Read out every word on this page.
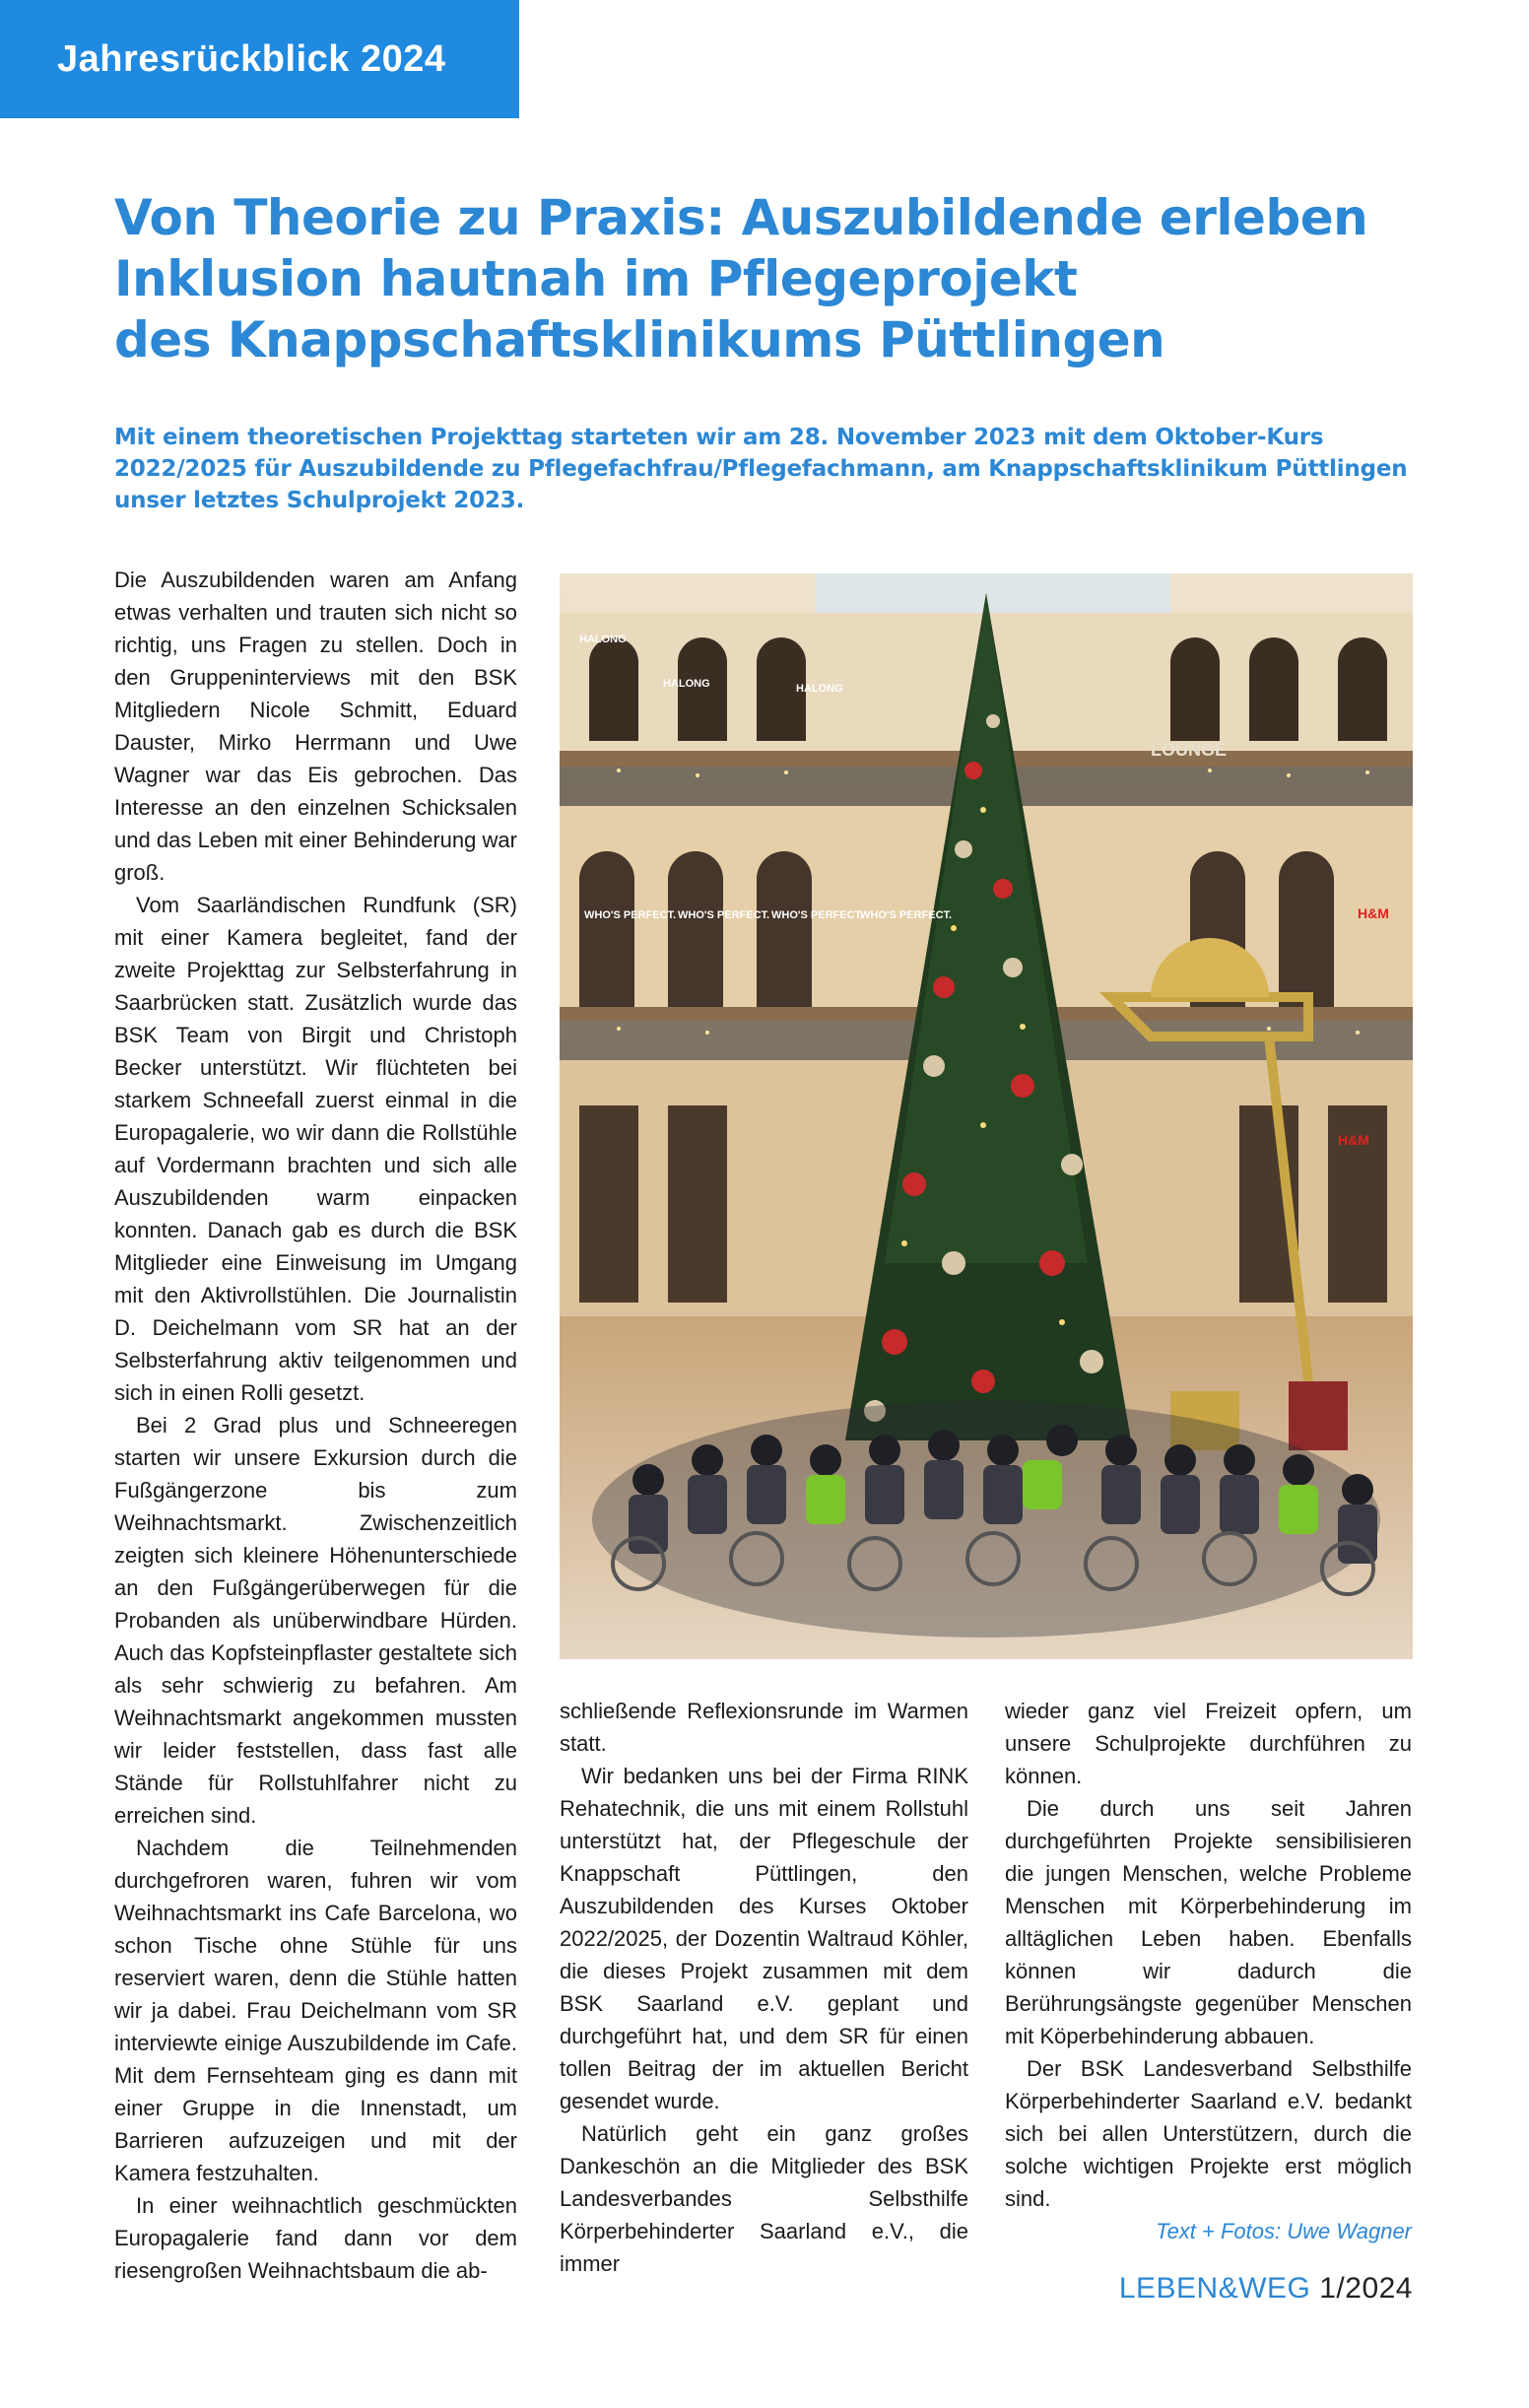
Jahresrückblick 2024
Von Theorie zu Praxis: Auszubildende erleben
Inklusion hautnah im Pflegeprojekt
des Knappschaftsklinikums Püttlingen

Mit einem theoretischen Projekttag starteten wir am 28. November 2023 mit dem Oktober-Kurs 2022/2025 für Auszubildende zu Pflegefachfrau/Pflegefachmann, am Knappschaftsklinikum Püttlingen unser letztes Schulprojekt 2023.

Die Auszubildenden waren am Anfang etwas verhalten und trauten sich nicht so richtig, uns Fragen zu stellen. Doch in den Gruppeninterviews mit den BSK Mitgliedern Nicole Schmitt, Eduard Dauster, Mirko Herrmann und Uwe Wagner war das Eis gebrochen. Das Interesse an den einzelnen Schicksalen und das Leben mit einer Behinderung war groß.

Vom Saarländischen Rundfunk (SR) mit einer Kamera begleitet, fand der zweite Projekttag zur Selbsterfahrung in Saarbrücken statt. Zusätzlich wurde das BSK Team von Birgit und Christoph Becker unterstützt. Wir flüchteten bei starkem Schneefall zuerst einmal in die Europagalerie, wo wir dann die Rollstühle auf Vordermann brachten und sich alle Auszubildenden warm einpacken konnten. Danach gab es durch die BSK Mitglieder eine Einweisung im Umgang mit den Aktivrollstühlen. Die Journalistin D. Deichelmann vom SR hat an der Selbsterfahrung aktiv teilgenommen und sich in einen Rolli gesetzt.

Bei 2 Grad plus und Schneeregen starten wir unsere Exkursion durch die Fußgängerzone bis zum Weihnachtsmarkt. Zwischenzeitlich zeigten sich kleinere Höhenunterschiede an den Fußgängerüberwegen für die Probanden als unüberwindbare Hürden. Auch das Kopfsteinpflaster gestaltete sich als sehr schwierig zu befahren. Am Weihnachtsmarkt angekommen mussten wir leider feststellen, dass fast alle Stände für Rollstuhlfahrer nicht zu erreichen sind.

Nachdem die Teilnehmenden durchgefroren waren, fuhren wir vom Weihnachtsmarkt ins Cafe Barcelona, wo schon Tische ohne Stühle für uns reserviert waren, denn die Stühle hatten wir ja dabei. Frau Deichelmann vom SR interviewte einige Auszubildende im Cafe. Mit dem Fernsehteam ging es dann mit einer Gruppe in die Innenstadt, um Barrieren aufzuzeigen und mit der Kamera festzuhalten.

In einer weihnachtlich geschmückten Europagalerie fand dann vor dem riesengroßen Weihnachtsbaum die ab-

HALONG
HALONG	HALONG
LOUNGE
WHO'S PERFECT. WHO'S PERFECT. WHO'S PERFECT.
WHO'S PERFECT.	H&M
H&M

schließende Reflexionsrunde im Warmen statt.

Wir bedanken uns bei der Firma RINK Rehatechnik, die uns mit einem Rollstuhl unterstützt hat, der Pflegeschule der Knappschaft Püttlingen, den Auszubildenden des Kurses Oktober 2022/2025, der Dozentin Waltraud Köhler, die dieses Projekt zusammen mit dem BSK Saarland e.V. geplant und durchgeführt hat, und dem SR für einen tollen Beitrag der im aktuellen Bericht gesendet wurde.

Natürlich geht ein ganz großes Dankeschön an die Mitglieder des BSK Landesverbandes Selbsthilfe Körperbehinderter Saarland e.V., die immer

wieder ganz viel Freizeit opfern, um unsere Schulprojekte durchführen zu können.

Die durch uns seit Jahren durchgeführten Projekte sensibilisieren die jungen Menschen, welche Probleme Menschen mit Körperbehinderung im alltäglichen Leben haben. Ebenfalls können wir dadurch die Berührungsängste gegenüber Menschen mit Köperbehinderung abbauen.

Der BSK Landesverband Selbsthilfe Körperbehinderter Saarland e.V. bedankt sich bei allen Unterstützern, durch die solche wichtigen Projekte erst möglich sind.

Text + Fotos: Uwe Wagner
LEBEN&WEG 1/2024
